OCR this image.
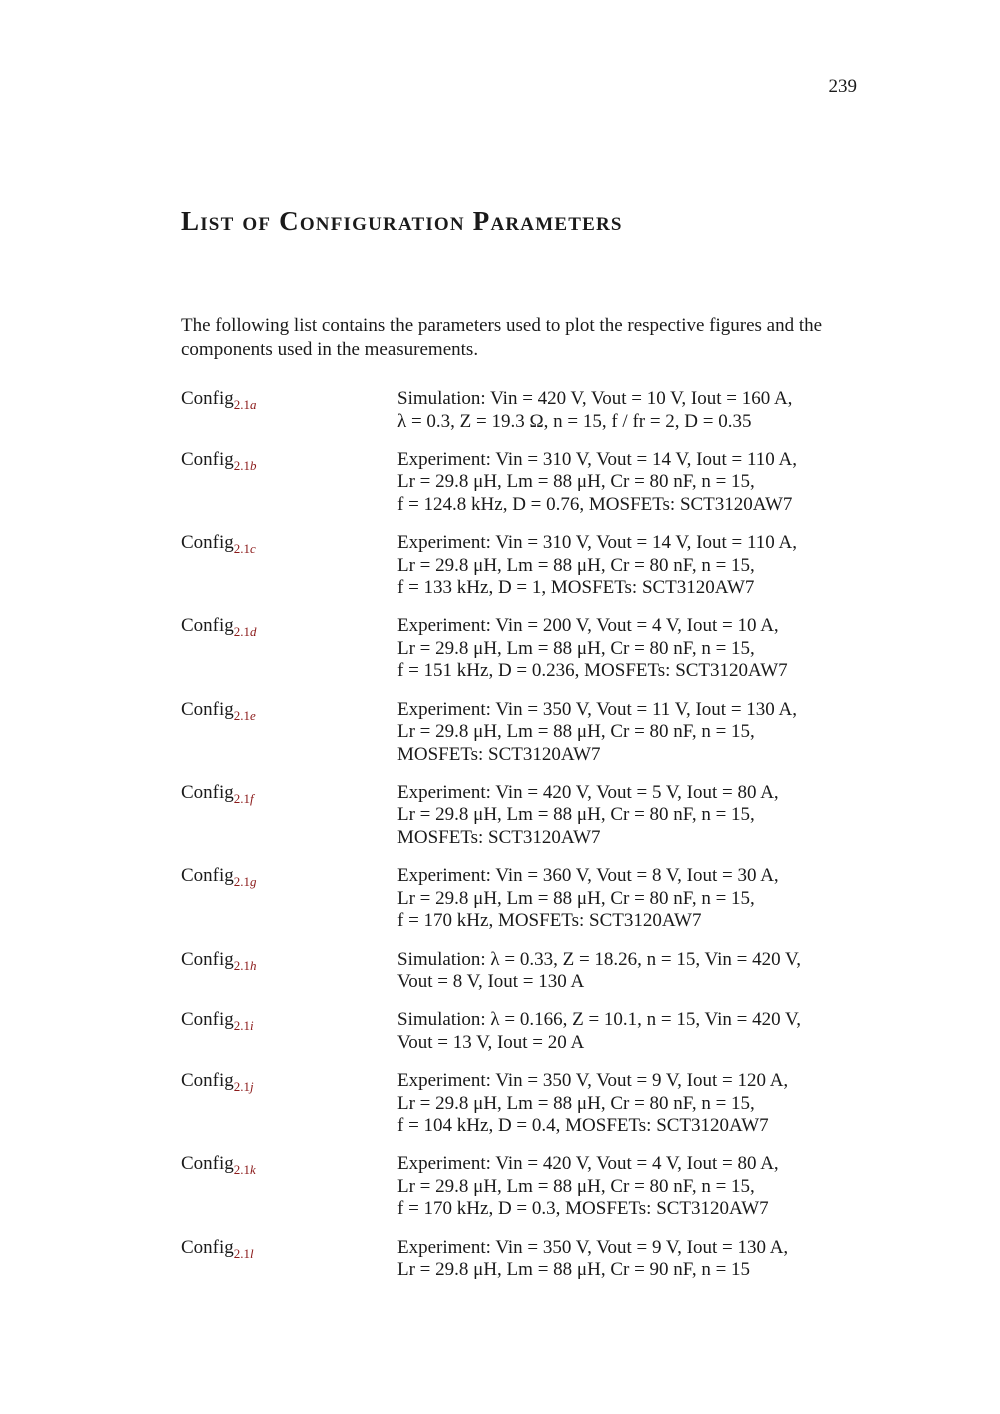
239
List of Configuration Parameters

The following list contains the parameters used to plot the respective figures and the components used in the measurements.

Config$_{2.1a}$	Simulation: Vin = 420 V, Vout = 10 V, Iout = 160 A,
λ = 0.3, Z = 19.3 Ω, n = 15, f / fr = 2, D = 0.35
Config$_{2.1b}$	Experiment: Vin = 310 V, Vout = 14 V, Iout = 110 A,
Lr = 29.8 μH, Lm = 88 μH, Cr = 80 nF, n = 15,
f = 124.8 kHz, D = 0.76, MOSFETs: SCT3120AW7
Config$_{2.1c}$	Experiment: Vin = 310 V, Vout = 14 V, Iout = 110 A,
Lr = 29.8 μH, Lm = 88 μH, Cr = 80 nF, n = 15,
f = 133 kHz, D = 1, MOSFETs: SCT3120AW7
Config$_{2.1d}$	Experiment: Vin = 200 V, Vout = 4 V, Iout = 10 A,
Lr = 29.8 μH, Lm = 88 μH, Cr = 80 nF, n = 15,
f = 151 kHz, D = 0.236, MOSFETs: SCT3120AW7
Config$_{2.1e}$	Experiment: Vin = 350 V, Vout = 11 V, Iout = 130 A,
Lr = 29.8 μH, Lm = 88 μH, Cr = 80 nF, n = 15,
MOSFETs: SCT3120AW7
Config$_{2.1f}$	Experiment: Vin = 420 V, Vout = 5 V, Iout = 80 A,
Lr = 29.8 μH, Lm = 88 μH, Cr = 80 nF, n = 15,
MOSFETs: SCT3120AW7
Config$_{2.1g}$	Experiment: Vin = 360 V, Vout = 8 V, Iout = 30 A,
Lr = 29.8 μH, Lm = 88 μH, Cr = 80 nF, n = 15,
f = 170 kHz, MOSFETs: SCT3120AW7
Config$_{2.1h}$	Simulation: λ = 0.33, Z = 18.26, n = 15, Vin = 420 V,
Vout = 8 V, Iout = 130 A
Config$_{2.1i}$	Simulation: λ = 0.166, Z = 10.1, n = 15, Vin = 420 V,
Vout = 13 V, Iout = 20 A
Config$_{2.1j}$	Experiment: Vin = 350 V, Vout = 9 V, Iout = 120 A,
Lr = 29.8 μH, Lm = 88 μH, Cr = 80 nF, n = 15,
f = 104 kHz, D = 0.4, MOSFETs: SCT3120AW7
Config$_{2.1k}$	Experiment: Vin = 420 V, Vout = 4 V, Iout = 80 A,
Lr = 29.8 μH, Lm = 88 μH, Cr = 80 nF, n = 15,
f = 170 kHz, D = 0.3, MOSFETs: SCT3120AW7
Config$_{2.1l}$	Experiment: Vin = 350 V, Vout = 9 V, Iout = 130 A,
Lr = 29.8 μH, Lm = 88 μH, Cr = 90 nF, n = 15
